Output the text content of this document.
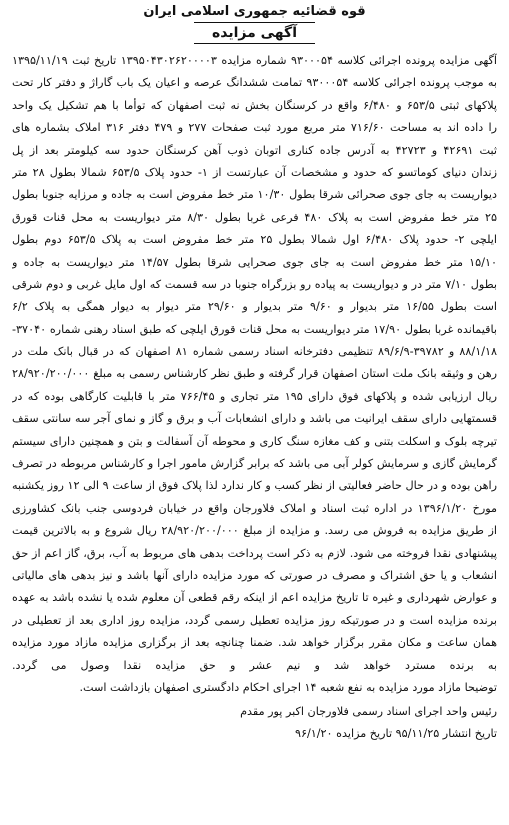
قوه قضائیه جمهوری اسلامی ایران
آگهی مزایده
آگهی مزایده پرونده اجرائی کلاسه ۹۳۰۰۰۵۴ شماره مزایده ۱۳۹۵۰۴۳۰۲۶۲۰۰۰۰۳ تاریخ ثبت ۱۳۹۵/۱۱/۱۹
به موجب پرونده اجرائی کلاسه ۹۳۰۰۰۵۴ تمامت ششدانگ عرصه و اعیان یک باب گاراژ و دفتر کار تحت
پلاکهای ثبتی ۶۵۳/۵ و ۶/۴۸۰ واقع در کرسنگان بخش نه ثبت اصفهان که توأما با هم تشکیل یک واحد
را داده اند به مساحت ۷۱۶/۶۰ متر مربع مورد ثبت صفحات ۲۷۷ و ۴۷۹ دفتر ۳۱۶ املاک بشماره های
ثبت ۴۲۶۹۱ و ۴۲۷۲۳ به آدرس جاده کناری اتوبان ذوب آهن کرسنگان حدود سه کیلومتر بعد از پل
زندان دنیای کوماتسو که حدود و مشخصات آن عبارتست از ۱- حدود پلاک ۶۵۳/۵ شمالا بطول ۲۸ متر
دیواریست به جای جوی صحرائی شرقا بطول ۱۰/۳۰ متر خط مفروض است به جاده و مرزایه جنوبا بطول
۲۵ متر خط مفروض است به پلاک ۴۸۰ فرعی غربا بطول ۸/۳۰ متر دیواریست به محل قنات قورق
ایلچی ۲- حدود پلاک ۶/۴۸۰ اول شمالا بطول ۲۵ متر خط مفروض است به پلاک ۶۵۳/۵ دوم بطول
۱۵/۱۰ متر خط مفروض است به جای جوی صحرایی شرقا بطول ۱۴/۵۷ متر دیواریست به جاده و
بطول ۷/۱۰ متر در و دیواریست به پیاده رو بزرگراه جنوبا در سه قسمت که اول مایل غربی و دوم شرقی
است بطول ۱۶/۵۵ متر بدیوار و ۹/۶۰ متر بدیوار و ۲۹/۶۰ متر دیوار به دیوار همگی به پلاک ۶/۲
باقیمانده غربا بطول ۱۷/۹۰ متر دیواریست به محل قنات قورق ایلچی که طبق اسناد رهنی شماره ۳۷۰۴۰-
۸۸/۱/۱۸ و ۳۹۷۸۲-۸۹/۶/۹ تنظیمی دفترخانه اسناد رسمی شماره ۸۱ اصفهان که در قبال بانک ملت در
رهن و وثیقه بانک ملت استان اصفهان قرار گرفته و طبق نظر کارشناس رسمی به مبلغ ۲۸/۹۲۰/۲۰۰/۰۰۰
ریال ارزیابی شده و پلاکهای فوق دارای ۱۹۵ متر تجاری و ۷۶۶/۴۵ متر با قابلیت کارگاهی بوده که در
قسمتهایی دارای سقف ایرانیت می باشد و دارای انشعابات آب و برق و گاز و نمای آجر سه سانتی سقف
تیرچه بلوک و اسکلت بتنی و کف مغازه سنگ کاری و محوطه آن آسفالت و بتن و همچنین دارای سیستم
گرمایش گازی و سرمایش کولر آبی می باشد که برابر گزارش مامور اجرا و کارشناس مربوطه در تصرف
راهن بوده و در حال حاضر فعالیتی از نظر کسب و کار ندارد لذا پلاک فوق از ساعت ۹ الی ۱۲ روز یکشنبه
مورخ ۱۳۹۶/۱/۲۰ در اداره ثبت اسناد و املاک فلاورجان واقع در خیابان فردوسی جنب بانک کشاورزی
از طریق مزایده به فروش می رسد. و مزایده از مبلغ ۲۸/۹۲۰/۲۰۰/۰۰۰ ریال شروع و به بالاترین قیمت
پیشنهادی نقدا فروخته می شود. لازم به ذکر است پرداخت بدهی های مربوط به آب، برق، گاز اعم از حق
انشعاب و یا حق اشتراک و مصرف در صورتی که مورد مزایده دارای آنها باشد و نیز بدهی های مالیاتی
و عوارض شهرداری و غیره تا تاریخ مزایده اعم از اینکه رقم قطعی آن معلوم شده یا نشده باشد به عهده
برنده مزایده است و در صورتیکه روز مزایده تعطیل رسمی گردد، مزایده روز اداری بعد از تعطیلی در
همان ساعت و مکان مقرر برگزار خواهد شد. ضمنا چنانچه بعد از برگزاری مزایده مازاد مورد مزایده
به برنده مسترد خواهد شد و نیم عشر و حق مزایده نقدا وصول می گردد.
توضیحا مازاد مورد مزایده به نفع شعبه ۱۴ اجرای احکام دادگستری اصفهان بازداشت است.
رئیس واحد اجرای اسناد رسمی فلاورجان اکبر پور مقدم
تاریخ انتشار ۹۵/۱۱/۲۵ تاریخ مزایده ۹۶/۱/۲۰
